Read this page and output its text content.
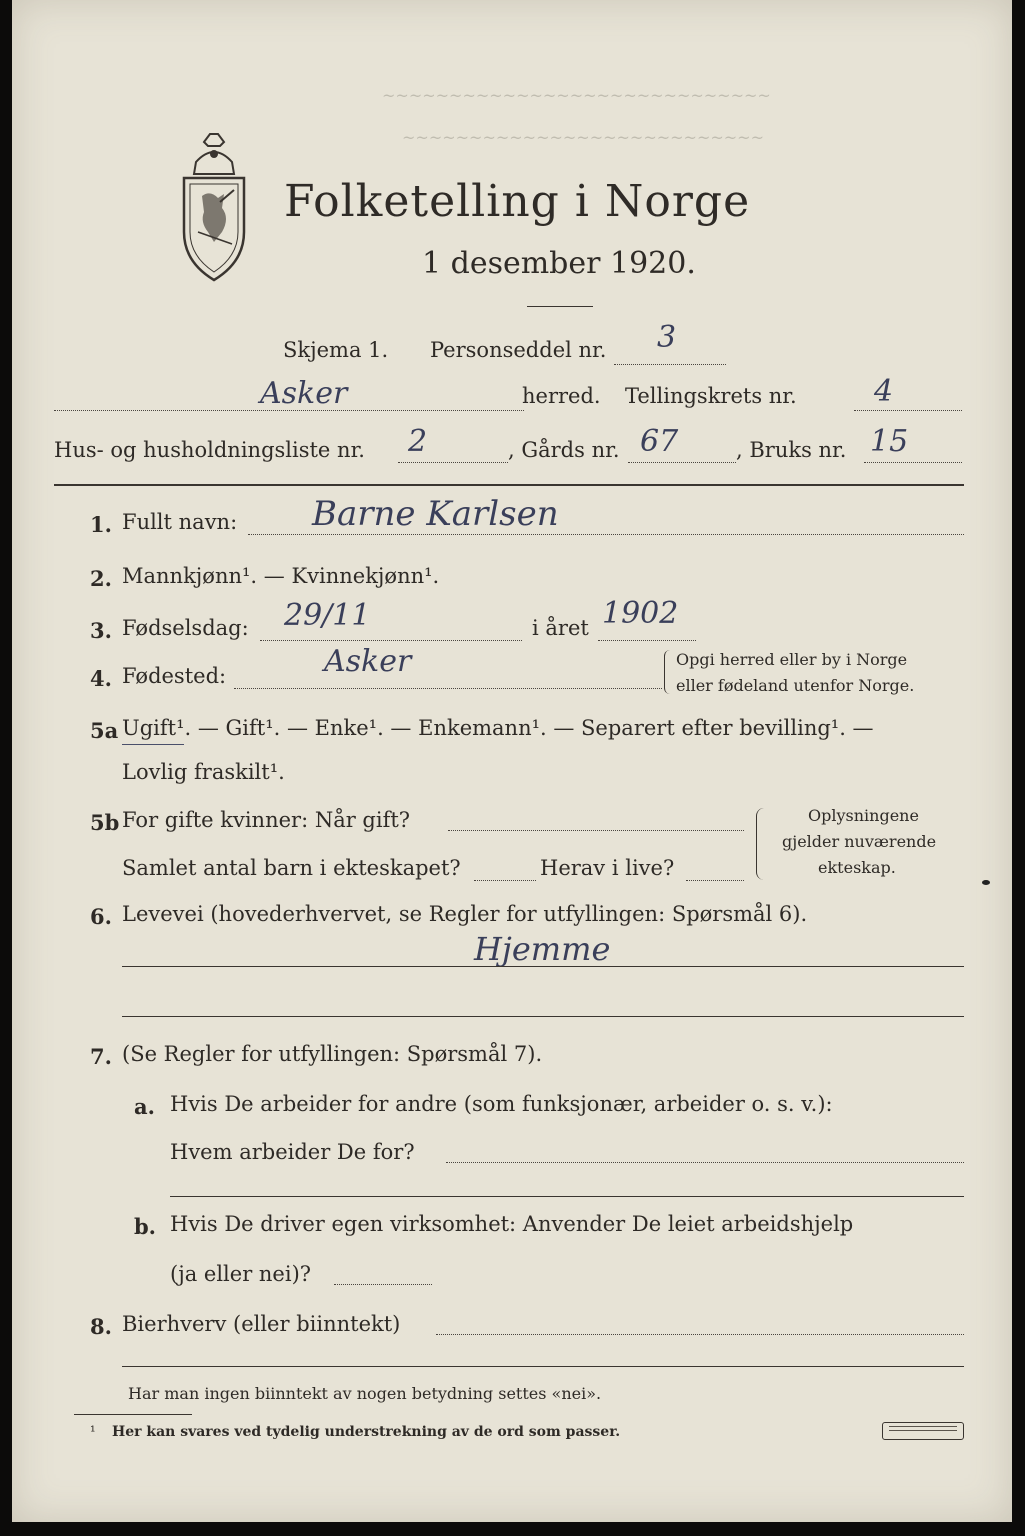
~~~~~~~~~~~~~~~~~~~~~~~~~~~~~
~~~~~~~~~~~~~~~~~~~~~~~~~~~
Folketelling i Norge
1 desember 1920.
Skjema 1. Personseddel nr. 3
Asker	herred. Tellingskrets nr.	4
Hus- og husholdningsliste nr. 2	, Gårds nr. 67	, Bruks nr. 15
1. Fullt navn: Barne Karlsen
2. Mannkjønn¹. — Kvinnekjønn¹.
3. Fødselsdag: 29/11	i året 1902
4. Fødested:	Asker	Opgi herred eller by i Norge
eller fødeland utenfor Norge.
5a Ugift¹. — Gift¹. — Enke¹. — Enkemann¹. — Separert efter bevilling¹. —
Lovlig fraskilt¹.
5b For gifte kvinner: Når gift?
Samlet antal barn i ekteskapet?	Herav i live?
Oplysningene
gjelder nuværende
ekteskap.
6. Levevei (hovederhvervet, se Regler for utfyllingen: Spørsmål 6).
Hjemme
7. (Se Regler for utfyllingen: Spørsmål 7).
a. Hvis De arbeider for andre (som funksjonær, arbeider o. s. v.):
Hvem arbeider De for?
b. Hvis De driver egen virksomhet: Anvender De leiet arbeidshjelp
(ja eller nei)?
8. Bierhverv (eller biinntekt)
Har man ingen biinntekt av nogen betydning settes «nei».
¹ Her kan svares ved tydelig understrekning av de ord som passer.
